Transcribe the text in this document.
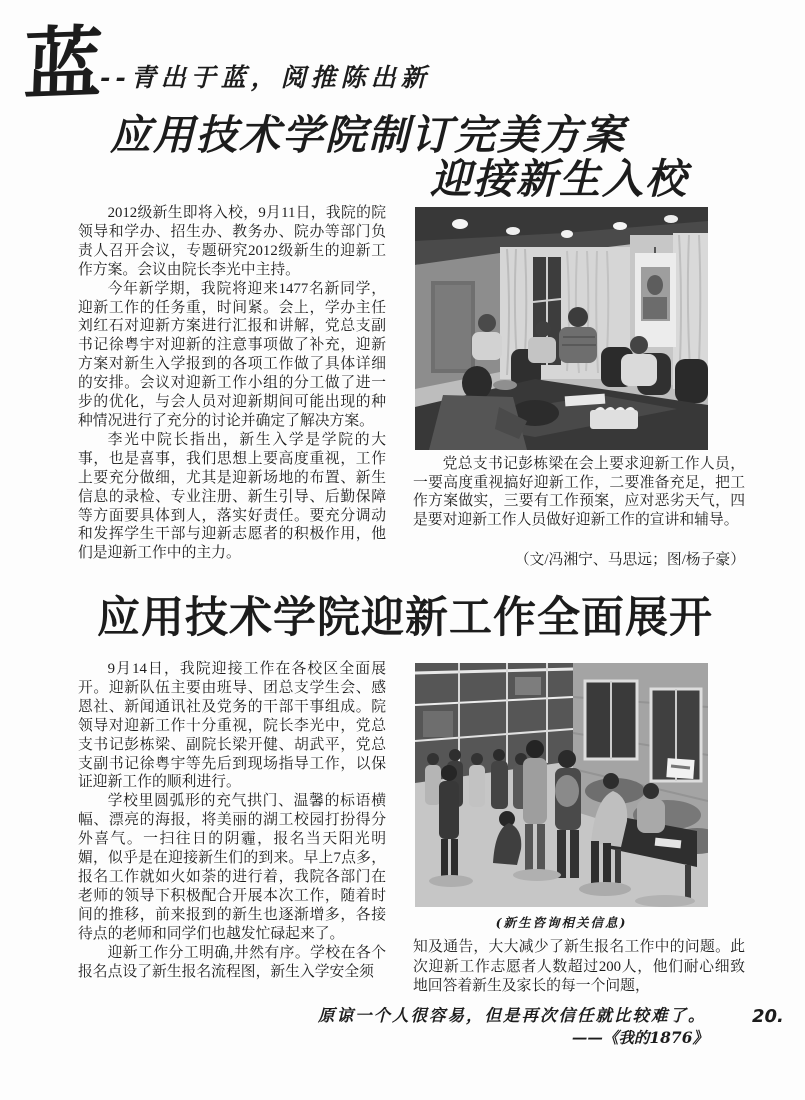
蓝
--青出于蓝，阅推陈出新
应用技术学院制订完美方案
迎接新生入校

2012级新生即将入校，9月11日，我院的院领导和学办、招生办、教务办、院办等部门负责人召开会议，专题研究2012级新生的迎新工作方案。会议由院长李光中主持。

今年新学期，我院将迎来1477名新同学，迎新工作的任务重，时间紧。会上，学办主任刘红石对迎新方案进行汇报和讲解，党总支副书记徐粤宇对迎新的注意事项做了补充，迎新方案对新生入学报到的各项工作做了具体详细的安排。会议对迎新工作小组的分工做了进一步的优化，与会人员对迎新期间可能出现的种种情况进行了充分的讨论并确定了解决方案。

李光中院长指出，新生入学是学院的大事，也是喜事，我们思想上要高度重视，工作上要充分做细，尤其是迎新场地的布置、新生信息的录检、专业注册、新生引导、后勤保障等方面要具体到人，落实好责任。要充分调动和发挥学生干部与迎新志愿者的积极作用，他们是迎新工作中的主力。

党总支书记彭栋梁在会上要求迎新工作人员，一要高度重视搞好迎新工作，二要准备充足，把工作方案做实，三要有工作预案，应对恶劣天气，四是要对迎新工作人员做好迎新工作的宣讲和辅导。

（文/冯湘宁、马思远；图/杨子豪）
应用技术学院迎新工作全面展开

9月14日，我院迎接工作在各校区全面展开。迎新队伍主要由班导、团总支学生会、感恩社、新闻通讯社及党务的干部干事组成。院领导对迎新工作十分重视，院长李光中，党总支书记彭栋梁、副院长梁开健、胡武平，党总支副书记徐粤宇等先后到现场指导工作，以保证迎新工作的顺利进行。

学校里圆弧形的充气拱门、温馨的标语横幅、漂亮的海报，将美丽的湖工校园打扮得分外喜气。一扫往日的阴霾，报名当天阳光明媚，似乎是在迎接新生们的到来。早上7点多，报名工作就如火如荼的进行着，我院各部门在老师的领导下积极配合开展本次工作，随着时间的推移，前来报到的新生也逐渐增多，各接待点的老师和同学们也越发忙碌起来了。

迎新工作分工明确,井然有序。学校在各个报名点设了新生报名流程图，新生入学安全须

(新生咨询相关信息)

知及通告，大大减少了新生报名工作中的问题。此次迎新工作志愿者人数超过200人，他们耐心细致地回答着新生及家长的每一个问题，

原谅一个人很容易，但是再次信任就比较难了。
——《我的1876》
20.
